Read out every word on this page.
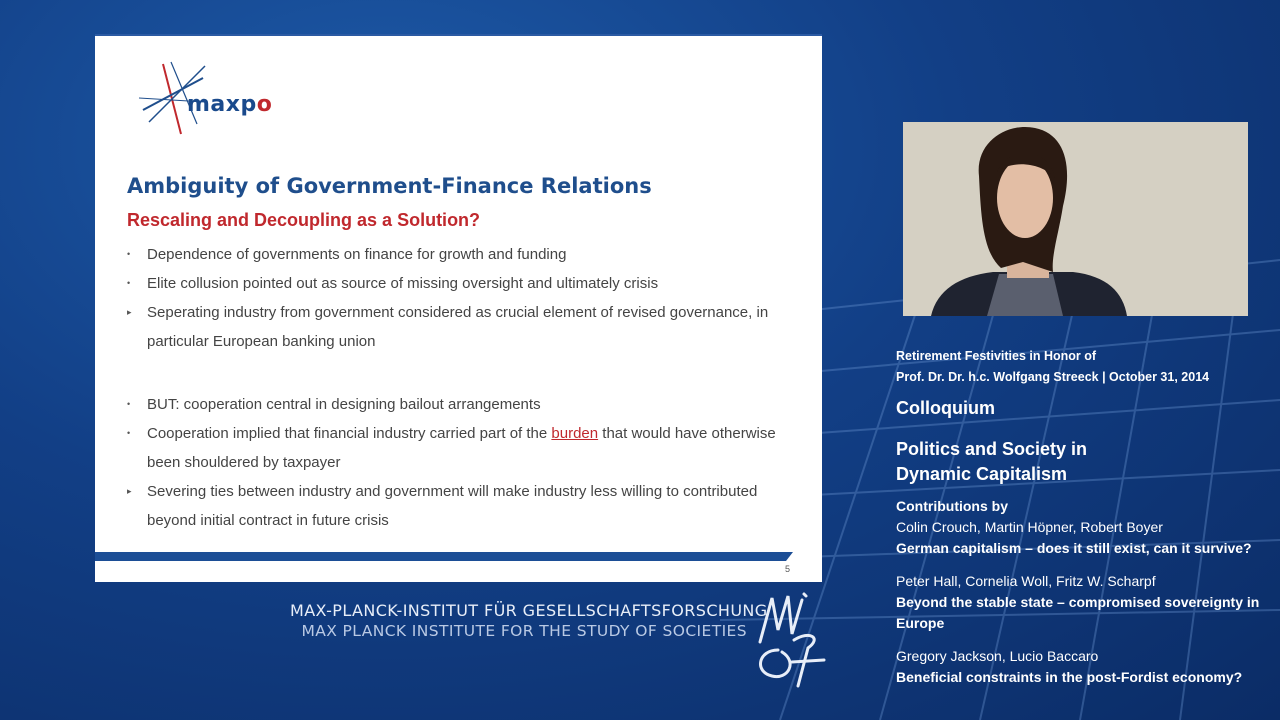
maxpo
Ambiguity of Government-Finance Relations
Rescaling and Decoupling as a Solution?
• Dependence of governments on finance for growth and funding
• Elite collusion pointed out as source of missing oversight and ultimately crisis
▸ Seperating industry from government considered as crucial element of revised governance, in particular European banking union
• BUT: cooperation central in designing bailout arrangements
• Cooperation implied that financial industry carried part of the burden that would have otherwise been shouldered by taxpayer
▸ Severing ties between industry and government will make industry less willing to contributed beyond initial contract in future crisis
5
MAX-PLANCK-INSTITUT FÜR GESELLSCHAFTSFORSCHUNG
MAX PLANCK INSTITUTE FOR THE STUDY OF SOCIETIES
Retirement Festivities in Honor of
Prof. Dr. Dr. h.c. Wolfgang Streeck | October 31, 2014
Colloquium
Politics and Society in
Dynamic Capitalism
Contributions by
Colin Crouch, Martin Höpner, Robert Boyer
German capitalism – does it still exist, can it survive?
Peter Hall, Cornelia Woll, Fritz W. Scharpf
Beyond the stable state – compromised sovereignty in Europe
Gregory Jackson, Lucio Baccaro
Beneficial constraints in the post-Fordist economy?
